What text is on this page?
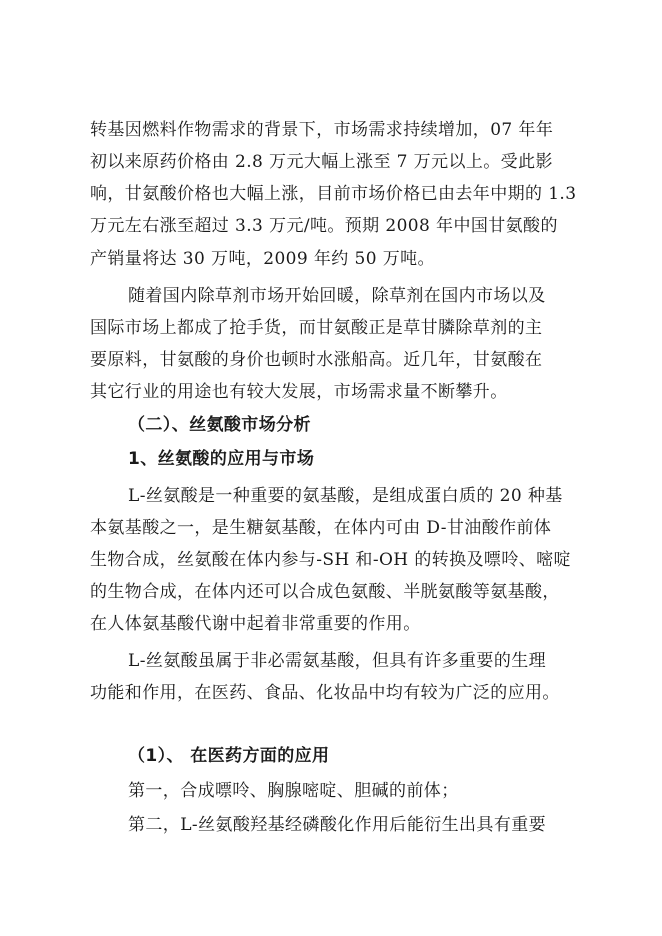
转基因燃料作物需求的背景下，市场需求持续增加，07 年年
初以来原药价格由 2.8 万元大幅上涨至 7 万元以上。受此影
响，甘氨酸价格也大幅上涨，目前市场价格已由去年中期的 1.3
万元左右涨至超过 3.3 万元/吨。预期 2008 年中国甘氨酸的
产销量将达 30 万吨，2009 年约 50 万吨。
随着国内除草剂市场开始回暖，除草剂在国内市场以及
国际市场上都成了抢手货，而甘氨酸正是草甘膦除草剂的主
要原料，甘氨酸的身价也顿时水涨船高。近几年，甘氨酸在
其它行业的用途也有较大发展，市场需求量不断攀升。
（二）、丝氨酸市场分析
1、丝氨酸的应用与市场
L-丝氨酸是一种重要的氨基酸，是组成蛋白质的 20 种基
本氨基酸之一，是生糖氨基酸，在体内可由 D-甘油酸作前体
生物合成，丝氨酸在体内参与-SH 和-OH 的转换及嘌呤、嘧啶
的生物合成，在体内还可以合成色氨酸、半胱氨酸等氨基酸，
在人体氨基酸代谢中起着非常重要的作用。
L-丝氨酸虽属于非必需氨基酸，但具有许多重要的生理
功能和作用，在医药、食品、化妆品中均有较为广泛的应用。
（1）、 在医药方面的应用
第一，合成嘌呤、胸腺嘧啶、胆碱的前体；
第二，L-丝氨酸羟基经磷酸化作用后能衍生出具有重要
